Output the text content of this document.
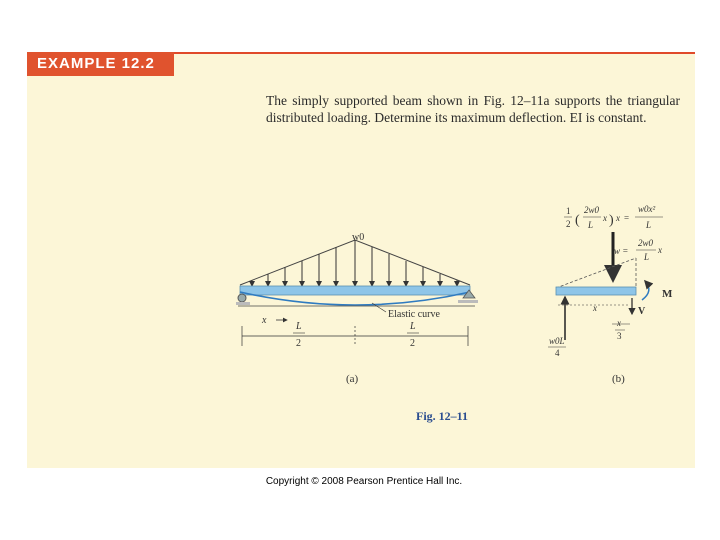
EXAMPLE 12.2
The simply supported beam shown in Fig. 12–11a supports the triangular distributed loading. Determine its maximum deflection. EI is constant.
w0
x
Elastic curve
L
2
L
2
(a)
1
2 (
2w0
L
x ) x =
w0x²
L
w =
2w0
L
x
M
V
x
x
3
w0L
4
(b)
Fig. 12–11
Copyright © 2008 Pearson Prentice Hall Inc.
